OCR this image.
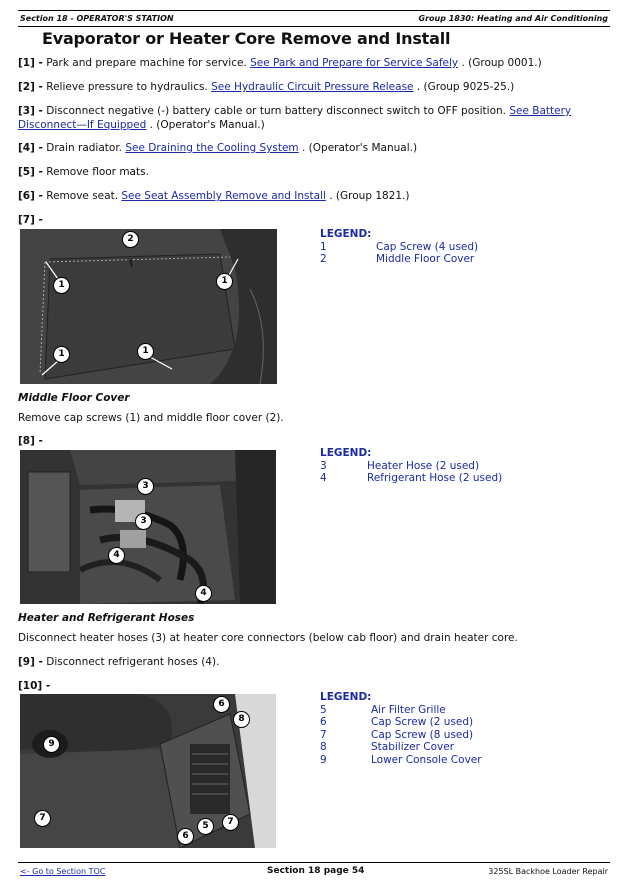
Section 18 - OPERATOR'S STATION	Group 1830: Heating and Air Conditioning
Evaporator or Heater Core Remove and Install
[1] - Park and prepare machine for service. See Park and Prepare for Service Safely . (Group 0001.)
[2] - Relieve pressure to hydraulics. See Hydraulic Circuit Pressure Release . (Group 9025-25.)
[3] - Disconnect negative (-) battery cable or turn battery disconnect switch to OFF position. See Battery Disconnect—If Equipped . (Operator's Manual.)
[4] - Drain radiator. See Draining the Cooling System . (Operator's Manual.)
[5] - Remove floor mats.
[6] - Remove seat. See Seat Assembly Remove and Install . (Group 1821.)
[7] -
2
1	1
1	1
LEGEND:
1	Cap Screw (4 used)
2	Middle Floor Cover
Middle Floor Cover
Remove cap screws (1) and middle floor cover (2).
[8] -
3
3
4
4
LEGEND:
3	Heater Hose (2 used)
4	Refrigerant Hose (2 used)
Heater and Refrigerant Hoses
Disconnect heater hoses (3) at heater core connectors (below cab floor) and drain heater core.
[9] - Disconnect refrigerant hoses (4).
[10] -
6
8
9
7
6
5	7
LEGEND:
5	Air Filter Grille
6	Cap Screw (2 used)
7	Cap Screw (8 used)
8	Stabilizer Cover
9	Lower Console Cover
<- Go to Section TOC	Section 18 page 54	325SL Backhoe Loader Repair
